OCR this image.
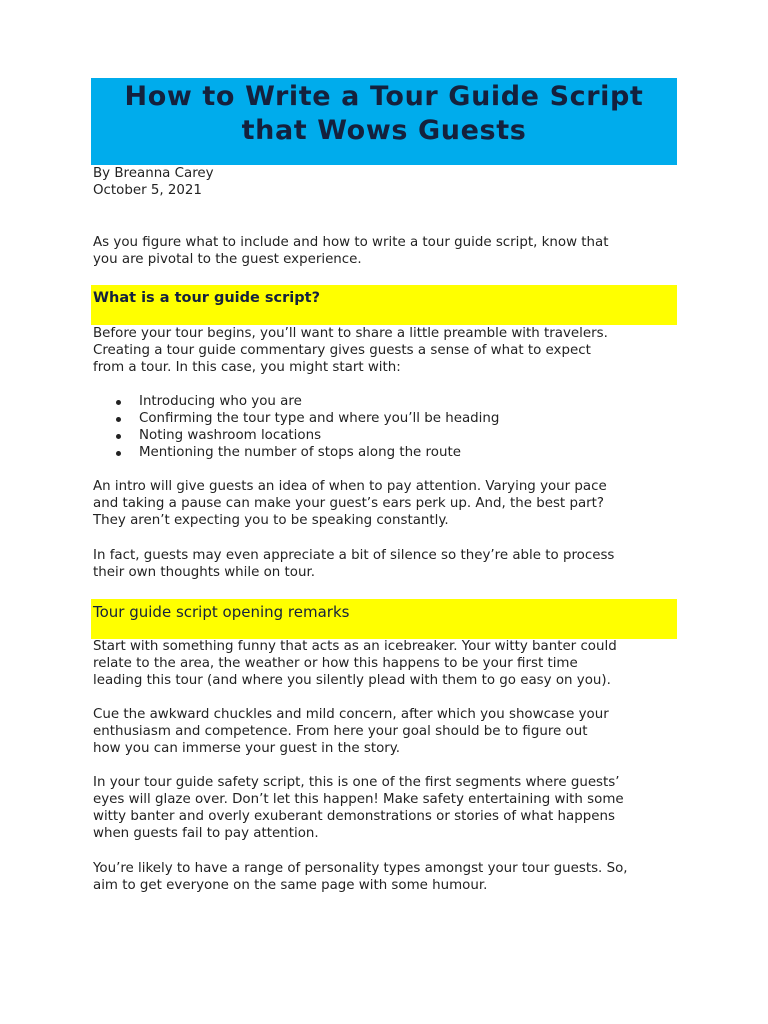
How to Write a Tour Guide Script
that Wows Guests
By Breanna Carey
October 5, 2021
As you figure what to include and how to write a tour guide script, know that
you are pivotal to the guest experience.
What is a tour guide script?
Before your tour begins, you’ll want to share a little preamble with travelers.
Creating a tour guide commentary gives guests a sense of what to expect
from a tour. In this case, you might start with:
Introducing who you are
Confirming the tour type and where you’ll be heading
Noting washroom locations
Mentioning the number of stops along the route
An intro will give guests an idea of when to pay attention. Varying your pace
and taking a pause can make your guest’s ears perk up. And, the best part?
They aren’t expecting you to be speaking constantly.
In fact, guests may even appreciate a bit of silence so they’re able to process
their own thoughts while on tour.
Tour guide script opening remarks
Start with something funny that acts as an icebreaker. Your witty banter could
relate to the area, the weather or how this happens to be your first time
leading this tour (and where you silently plead with them to go easy on you).
Cue the awkward chuckles and mild concern, after which you showcase your
enthusiasm and competence. From here your goal should be to figure out
how you can immerse your guest in the story.
In your tour guide safety script, this is one of the first segments where guests’
eyes will glaze over. Don’t let this happen! Make safety entertaining with some
witty banter and overly exuberant demonstrations or stories of what happens
when guests fail to pay attention.
You’re likely to have a range of personality types amongst your tour guests. So,
aim to get everyone on the same page with some humour.
